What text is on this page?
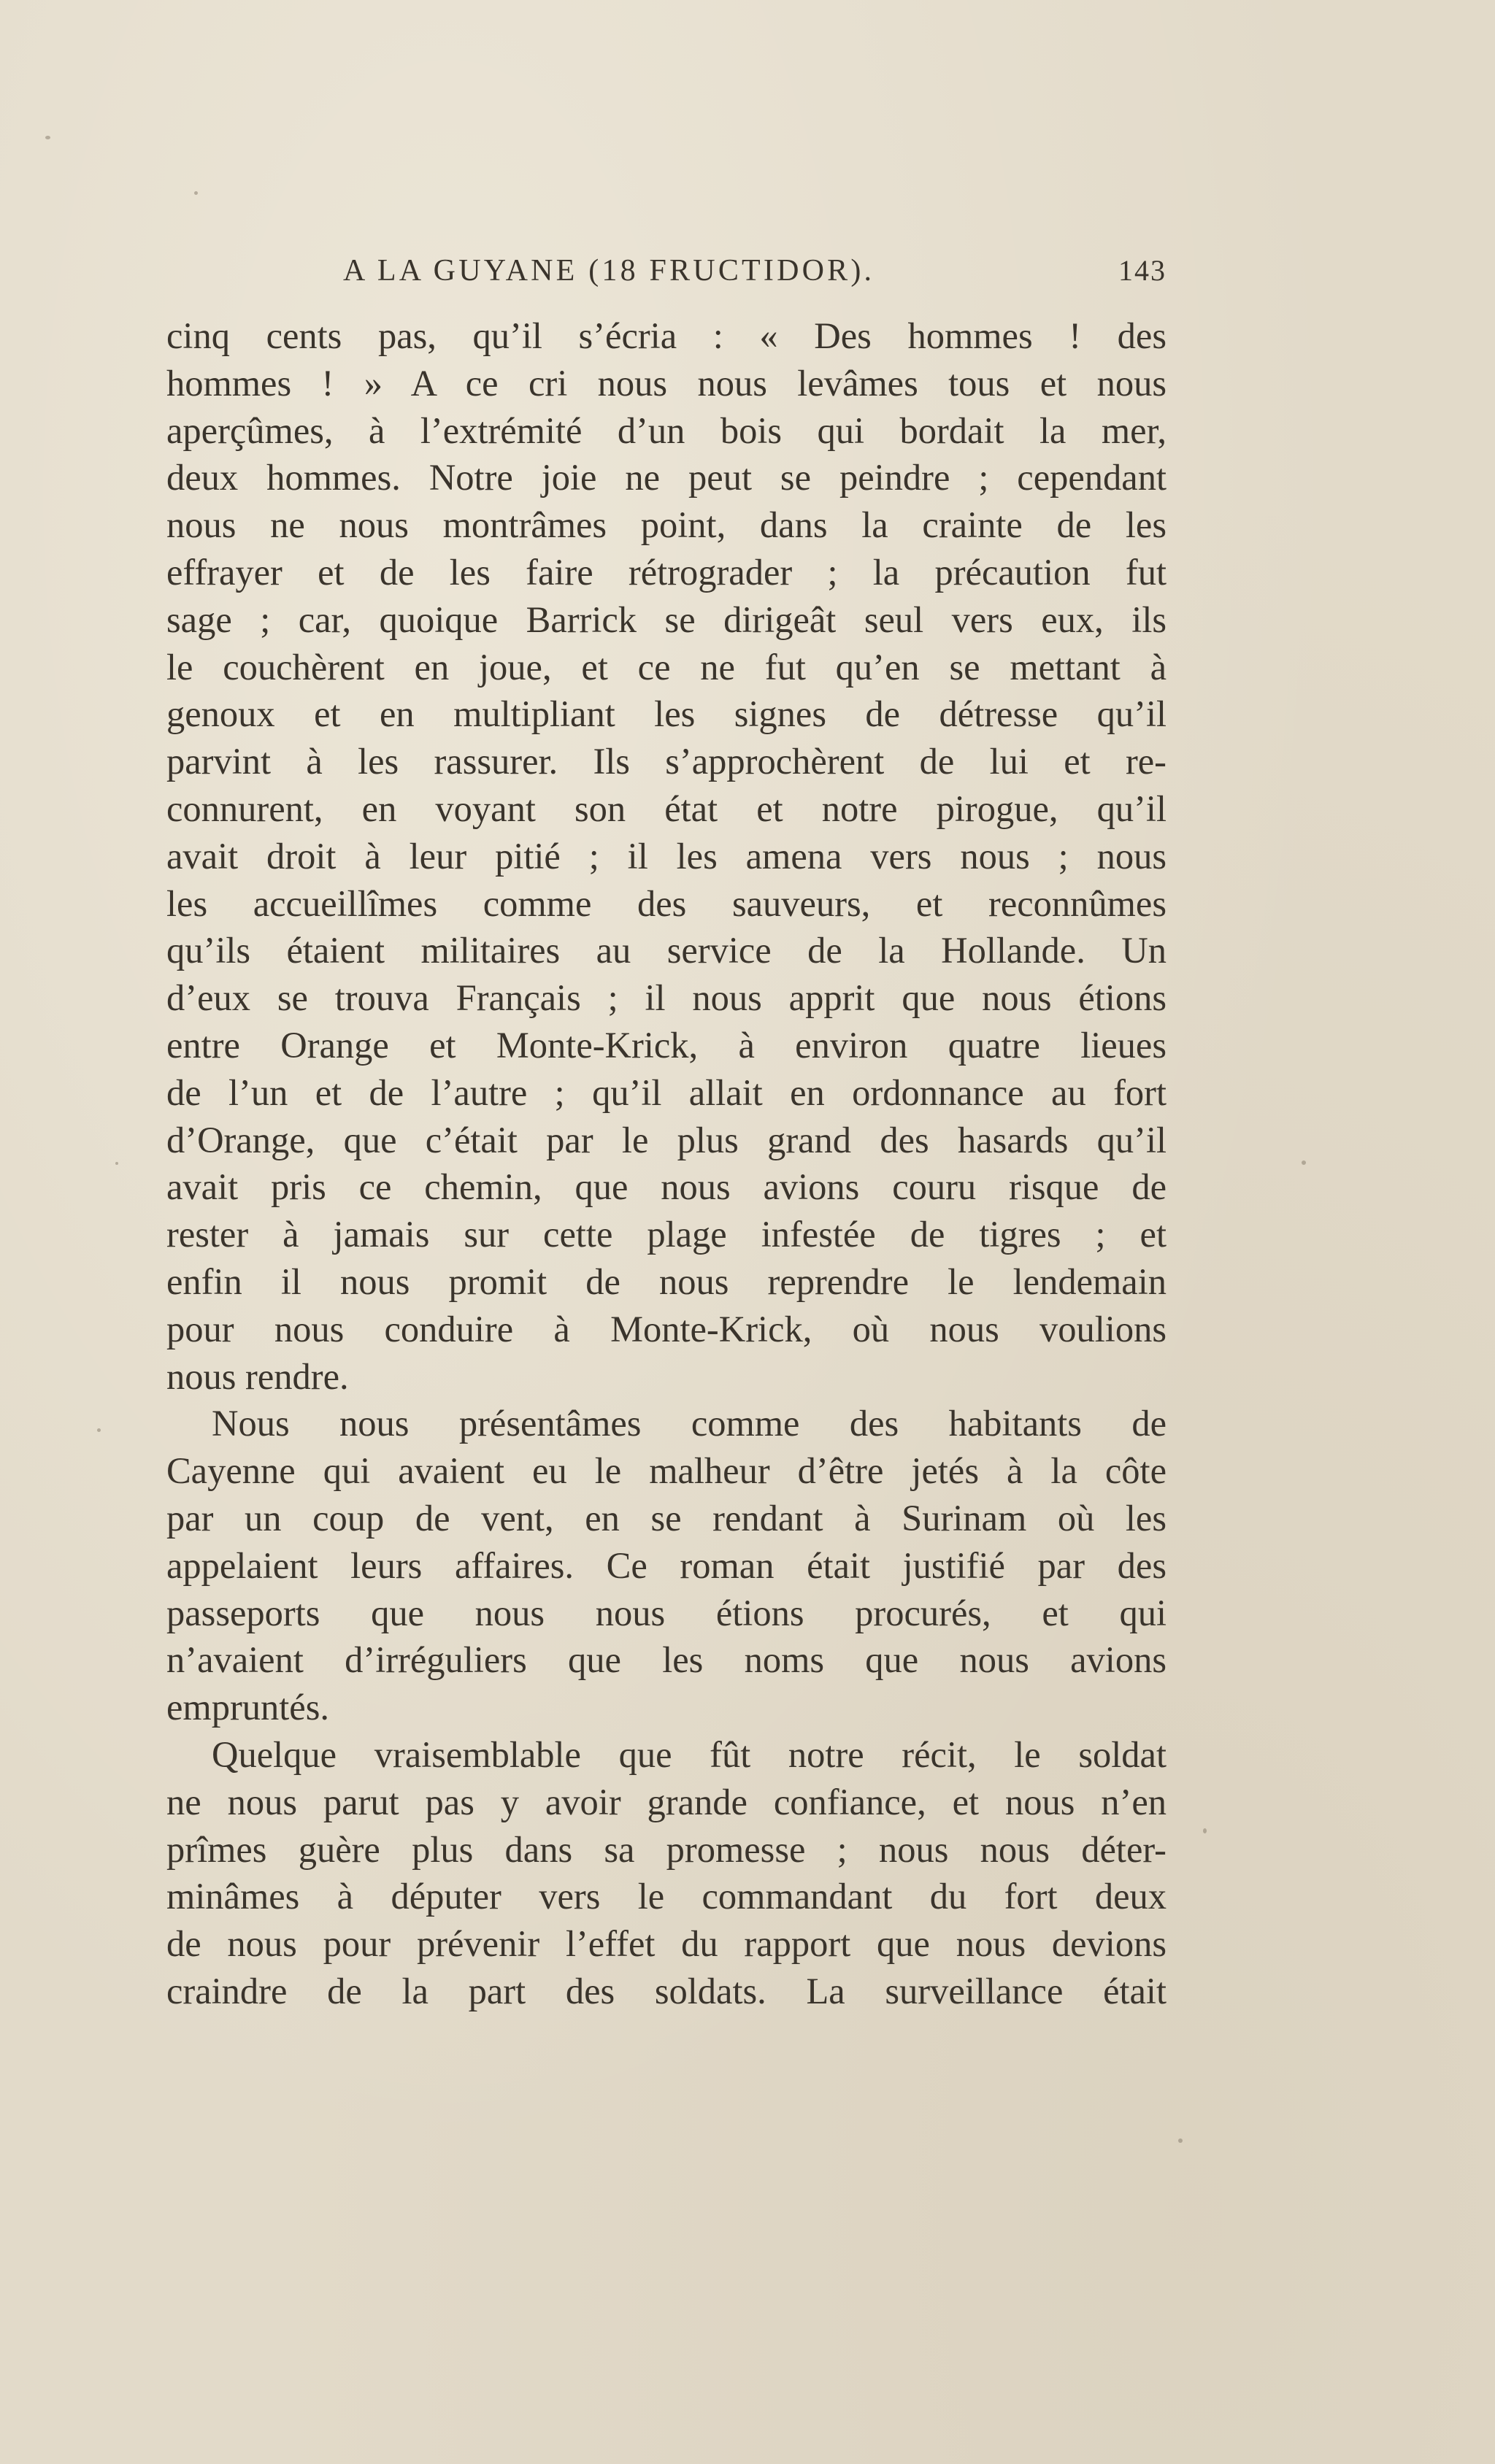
A LA GUYANE (18 FRUCTIDOR).	143
cinq cents pas, qu’il s’écria : « Des hommes ! des
hommes ! » A ce cri nous nous levâmes tous et nous
aperçûmes, à l’extrémité d’un bois qui bordait la mer,
deux hommes. Notre joie ne peut se peindre ; cependant
nous ne nous montrâmes point, dans la crainte de les
effrayer et de les faire rétrograder ; la précaution fut
sage ; car, quoique Barrick se dirigeât seul vers eux, ils
le couchèrent en joue, et ce ne fut qu’en se mettant à
genoux et en multipliant les signes de détresse qu’il
parvint à les rassurer. Ils s’approchèrent de lui et re-
connurent, en voyant son état et notre pirogue, qu’il
avait droit à leur pitié ; il les amena vers nous ; nous
les accueillîmes comme des sauveurs, et reconnûmes
qu’ils étaient militaires au service de la Hollande. Un
d’eux se trouva Français ; il nous apprit que nous étions
entre Orange et Monte-Krick, à environ quatre lieues
de l’un et de l’autre ; qu’il allait en ordonnance au fort
d’Orange, que c’était par le plus grand des hasards qu’il
avait pris ce chemin, que nous avions couru risque de
rester à jamais sur cette plage infestée de tigres ; et
enfin il nous promit de nous reprendre le lendemain
pour nous conduire à Monte-Krick, où nous voulions
nous rendre.
Nous nous présentâmes comme des habitants de
Cayenne qui avaient eu le malheur d’être jetés à la côte
par un coup de vent, en se rendant à Surinam où les
appelaient leurs affaires. Ce roman était justifié par des
passeports que nous nous étions procurés, et qui
n’avaient d’irréguliers que les noms que nous avions
empruntés.
Quelque vraisemblable que fût notre récit, le soldat
ne nous parut pas y avoir grande confiance, et nous n’en
prîmes guère plus dans sa promesse ; nous nous déter-
minâmes à députer vers le commandant du fort deux
de nous pour prévenir l’effet du rapport que nous devions
craindre de la part des soldats. La surveillance était
